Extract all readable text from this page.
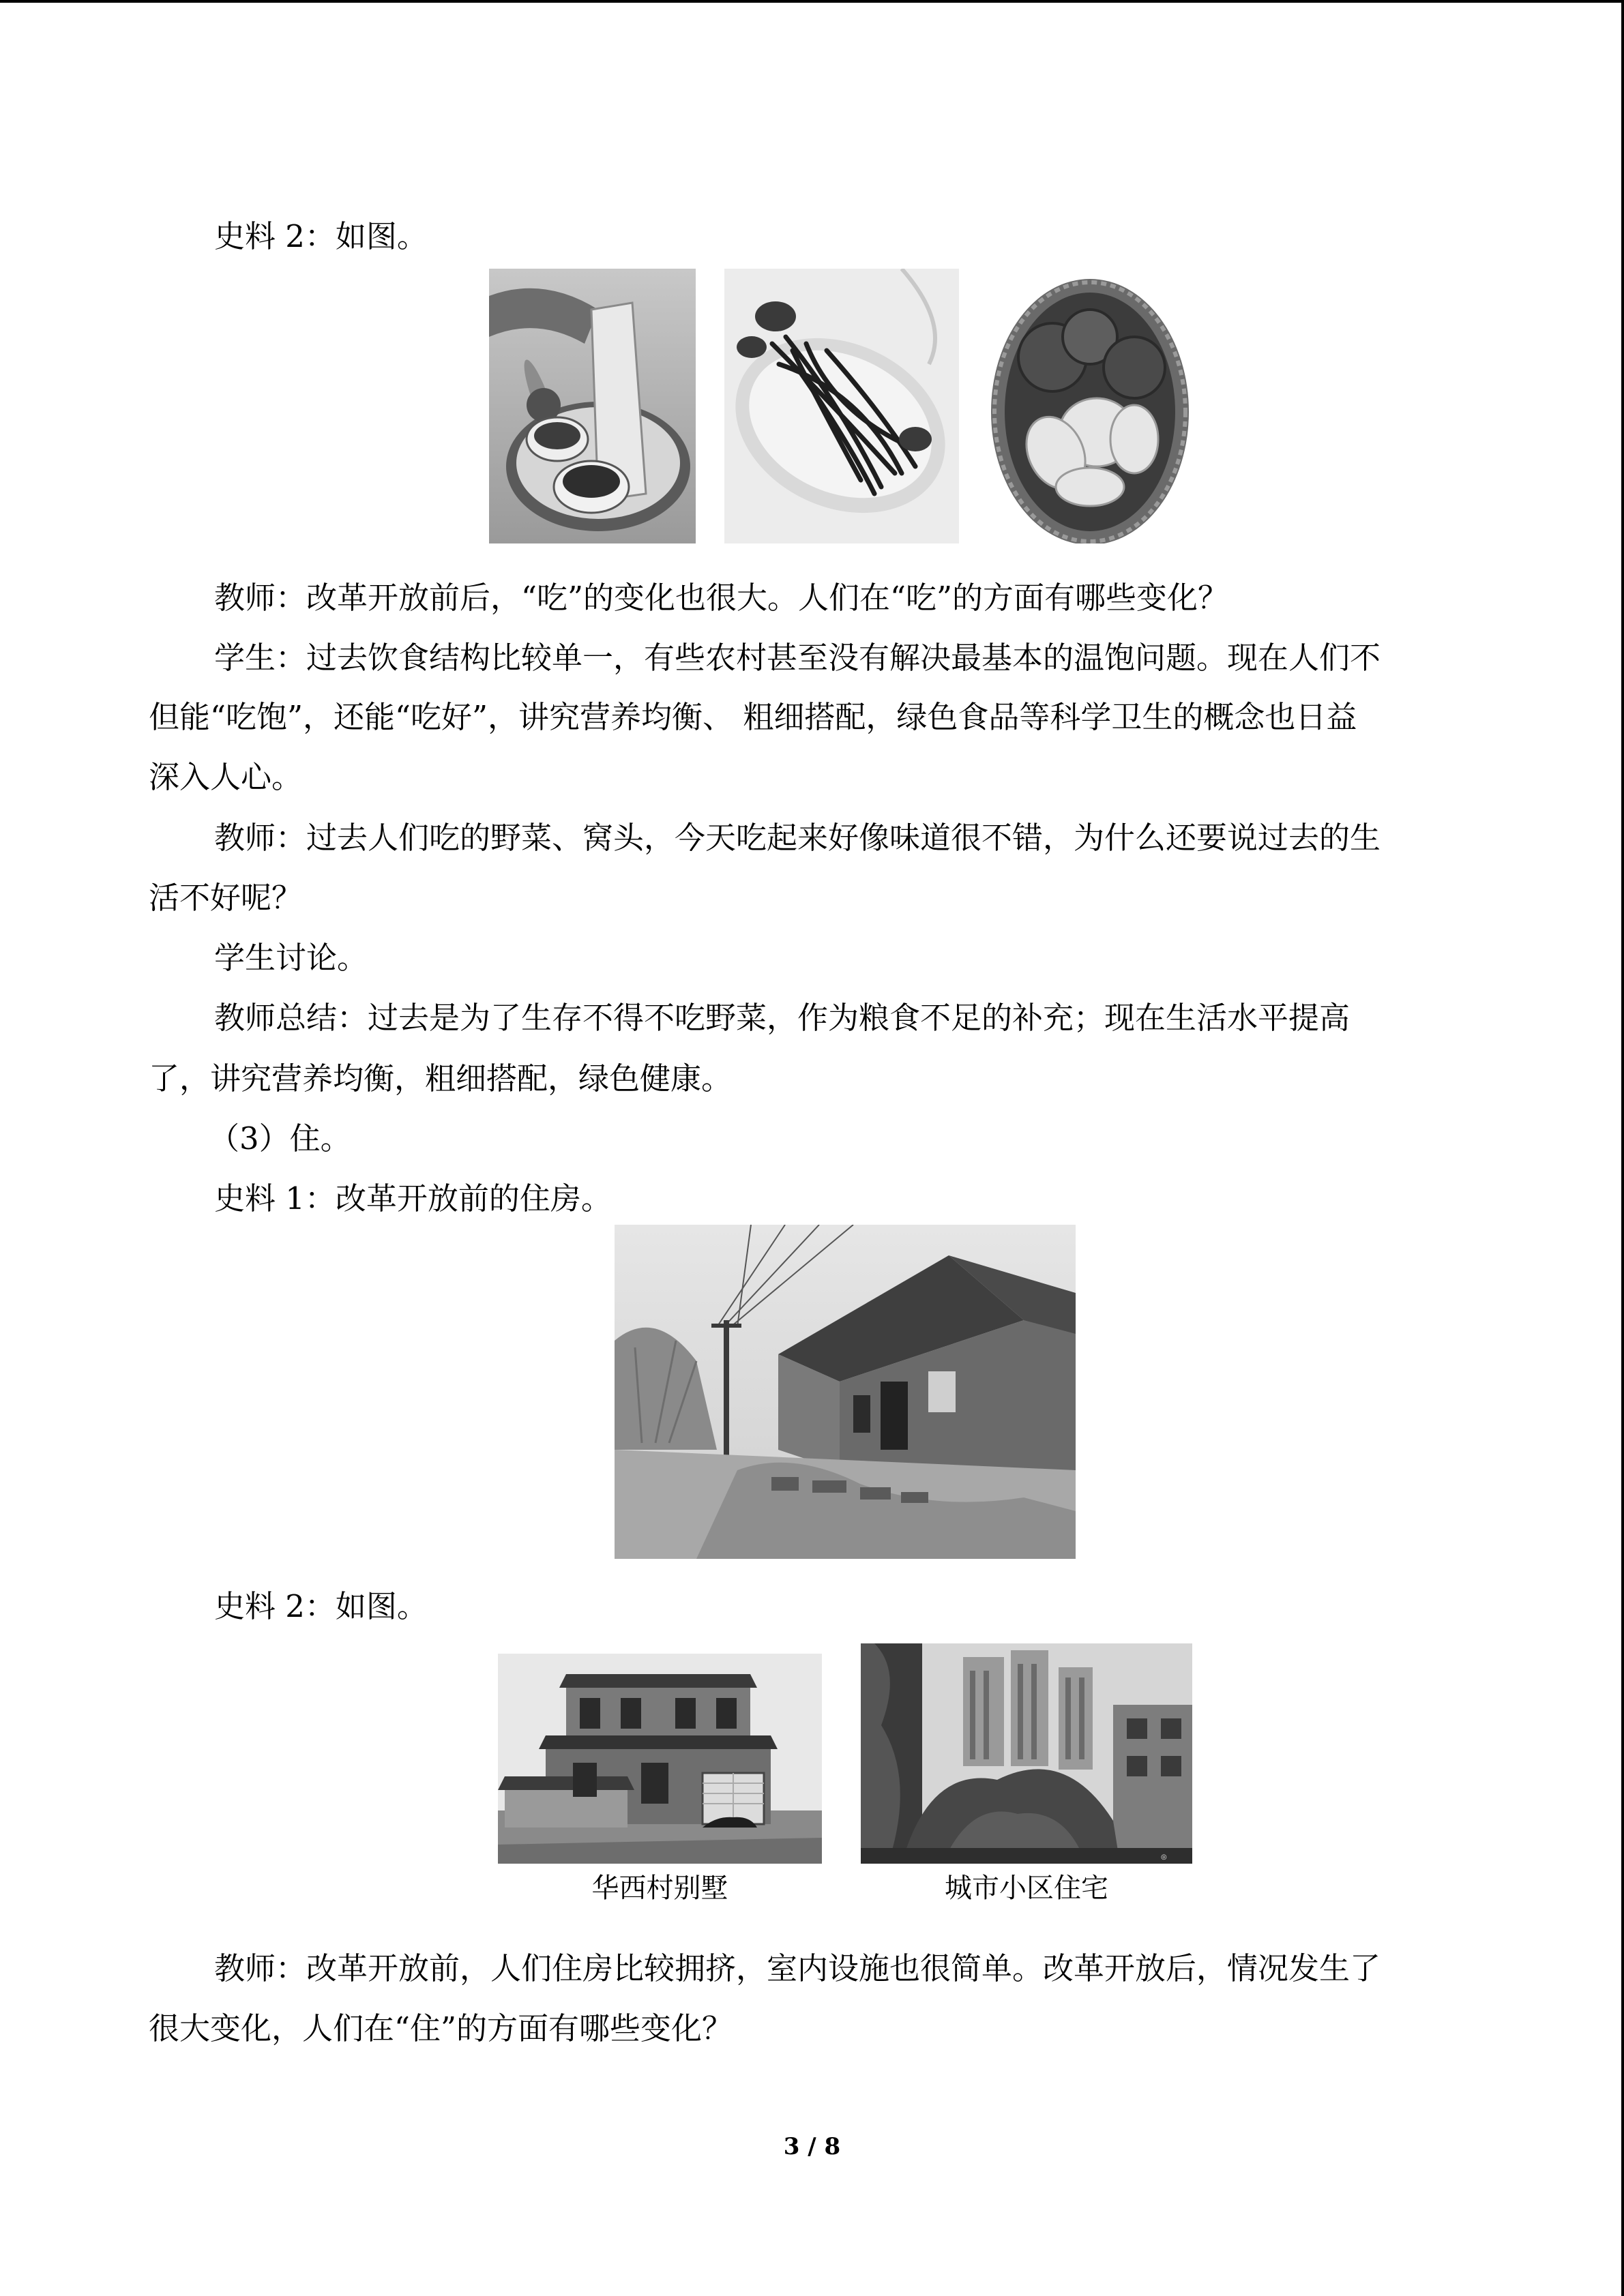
史料 2：如图。
教师：改革开放前后，“吃”的变化也很大。人们在“吃”的方面有哪些变化？
学生：过去饮食结构比较单一，有些农村甚至没有解决最基本的温饱问题。现在人们不
但能“吃饱”，还能“吃好”，讲究营养均衡、 粗细搭配，绿色食品等科学卫生的概念也日益
深入人心。
教师：过去人们吃的野菜、窝头，今天吃起来好像味道很不错，为什么还要说过去的生
活不好呢？
学生讨论。
教师总结：过去是为了生存不得不吃野菜，作为粮食不足的补充；现在生活水平提高
了，讲究营养均衡，粗细搭配，绿色健康。
（3）住。
史料 1：改革开放前的住房。
史料 2：如图。
华西村别墅
◎
城市小区住宅
教师：改革开放前，人们住房比较拥挤，室内设施也很简单。改革开放后，情况发生了
很大变化，人们在“住”的方面有哪些变化？
3 / 8
